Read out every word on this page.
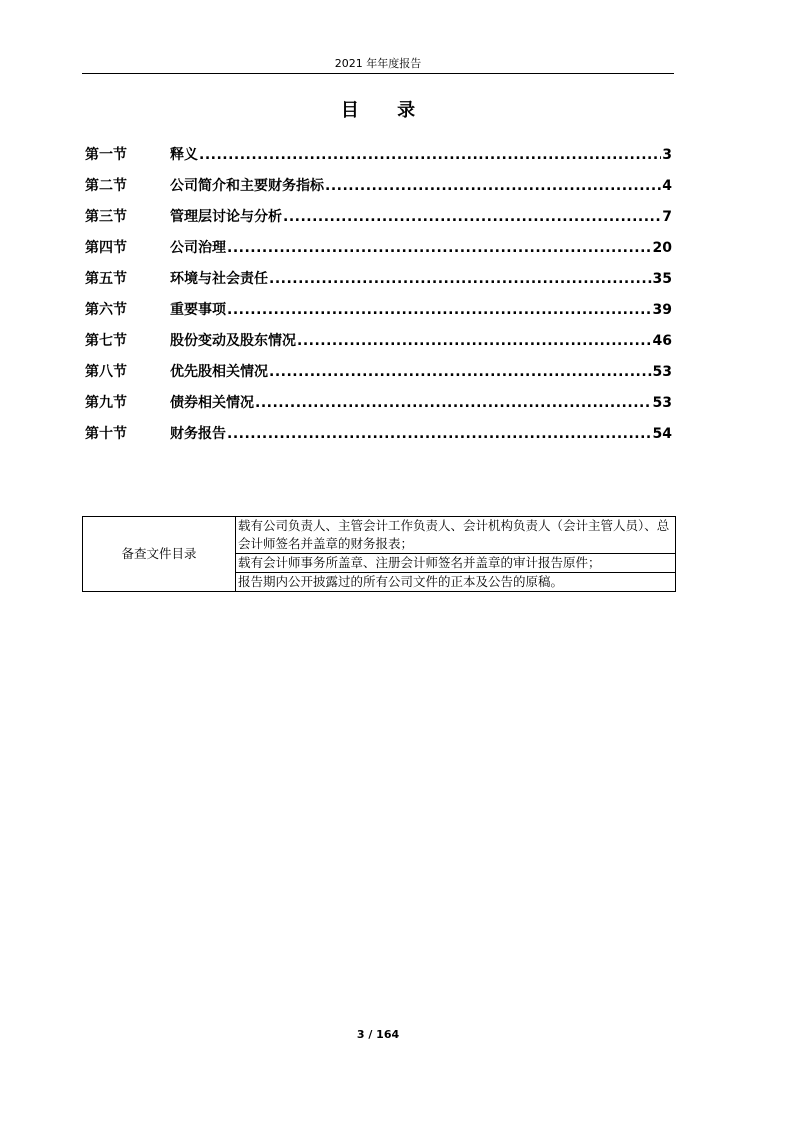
2021 年年度报告
目 录
第一节	释义 .....	3
第二节	公司简介和主要财务指标 .....	4
第三节	管理层讨论与分析 .....	7
第四节	公司治理 .....	20
第五节	环境与社会责任 .....	35
第六节	重要事项 .....	39
第七节	股份变动及股东情况 .....	46
第八节	优先股相关情况 .....	53
第九节	债券相关情况 .....	53
第十节	财务报告 .....	54
备查文件目录	载有公司负责人、主管会计工作负责人、会计机构负责人（会计主管人员）、总会计师签名并盖章的财务报表；
载有会计师事务所盖章、注册会计师签名并盖章的审计报告原件；
报告期内公开披露过的所有公司文件的正本及公告的原稿。
3 / 164
